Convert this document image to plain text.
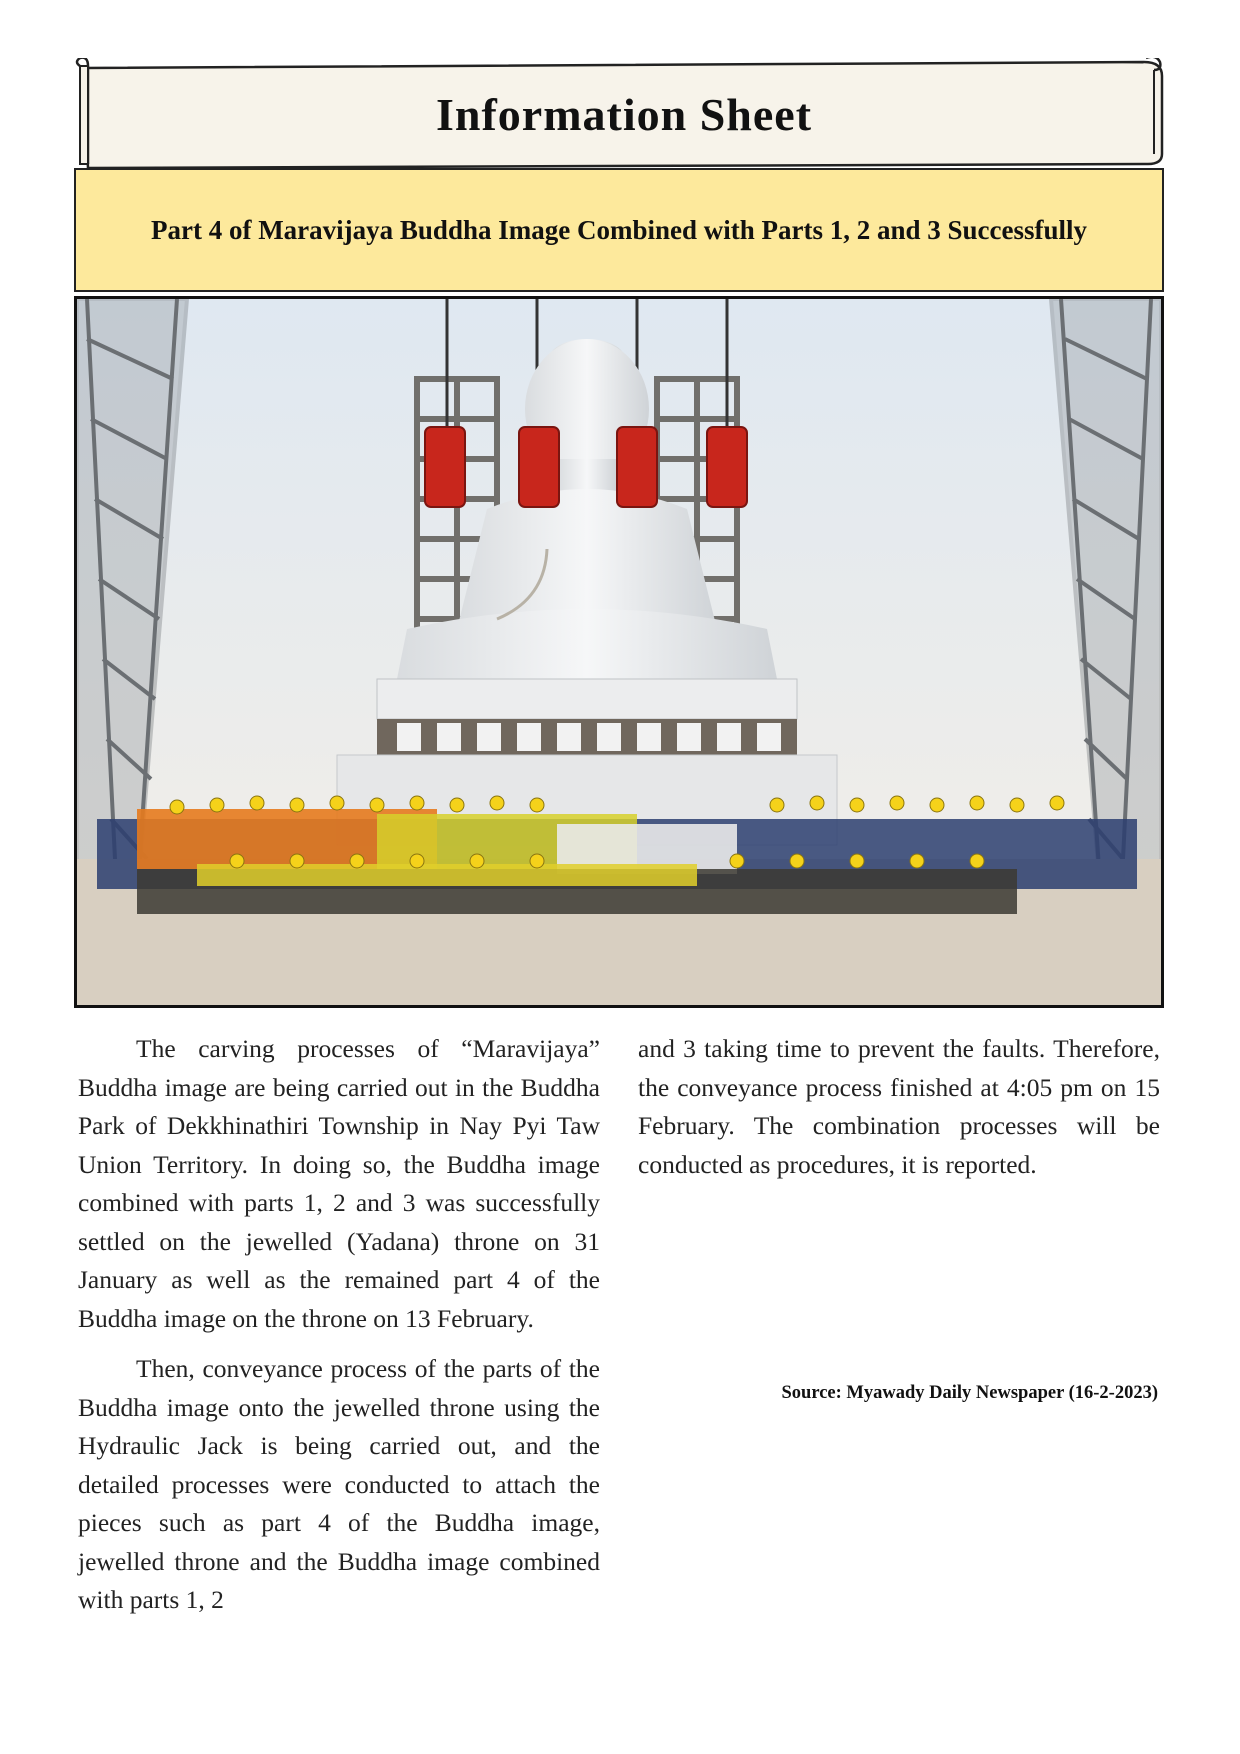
Information Sheet
Part 4 of Maravijaya Buddha Image Combined with Parts 1, 2 and 3 Successfully

The carving processes of “Maravijaya” Buddha image are being carried out in the Buddha Park of Dekkhinathiri Township in Nay Pyi Taw Union Territory. In doing so, the Buddha image combined with parts 1, 2 and 3 was successfully settled on the jewelled (Yadana) throne on 31 January as well as the remained part 4 of the Buddha image on the throne on 13 February.

Then, conveyance process of the parts of the Buddha image onto the jewelled throne using the Hydraulic Jack is being carried out, and the detailed processes were conducted to attach the pieces such as part 4 of the Buddha image, jewelled throne and the Buddha image combined with parts 1, 2

and 3 taking time to prevent the faults. Therefore, the conveyance process finished at 4:05 pm on 15 February. The combination processes will be conducted as procedures, it is reported.

Source: Myawady Daily Newspaper (16-2-2023)
